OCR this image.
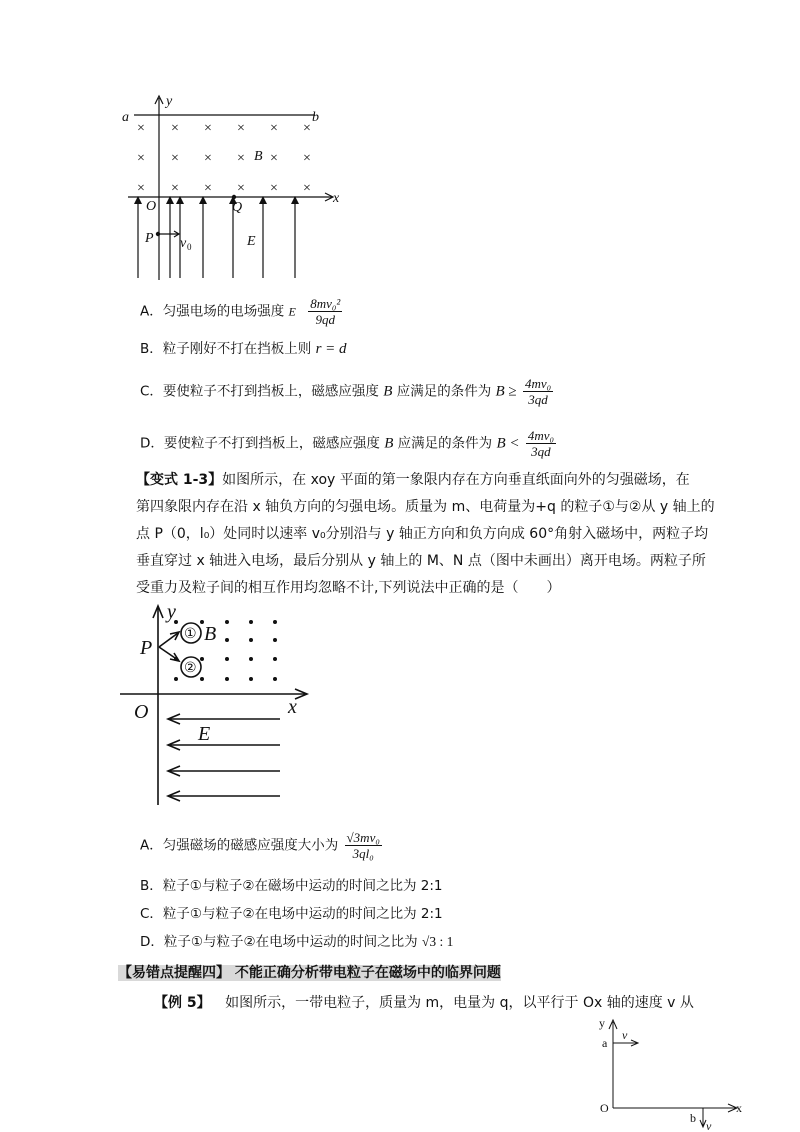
× × × × × ×
× × × × × ×
× × × × × ×
a	b
y
x
B
O	Q
P v 0	E
A．匀强电场的电场强度 E $\frac{\text{8mv₀²}}{9qd}$
B．粒子刚好不打在挡板上则 r = d
C．要使粒子不打到挡板上，磁感应强度 B 应满足的条件为 $B \ge \frac{\text{4mv₀}}{3qd}$
D．要使粒子不打到挡板上，磁感应强度 B 应满足的条件为 $B < \frac{\text{4mv₀}}{3qd}$

【变式 1-3】如图所示，在 xoy 平面的第一象限内存在方向垂直纸面向外的匀强磁场，在

第四象限内存在沿 x 轴负方向的匀强电场。质量为 m、电荷量为+q 的粒子①与②从 y 轴上的

点 P（0，l₀）处同时以速率 v₀分别沿与 y 轴正方向和负方向成 60°角射入磁场中，两粒子均

垂直穿过 x 轴进入电场，最后分别从 y 轴上的 M、N 点（图中未画出）离开电场。两粒子所

受重力及粒子间的相互作用均忽略不计,下列说法中正确的是（　　）

y
x
P
O
B
E
①
②
A．匀强磁场的磁感应强度大小为 $\frac{\text{√3mv₀}}{\text{3ql₀}}$
B．粒子①与粒子②在磁场中运动的时间之比为 2:1
C．粒子①与粒子②在电场中运动的时间之比为 2:1
D．粒子①与粒子②在电场中运动的时间之比为 √3 : 1
【易错点提醒四】 不能正确分析带电粒子在磁场中的临界问题
【例 5】 如图所示，一带电粒子，质量为 m，电量为 q，以平行于 Ox 轴的速度 v 从
y
a
v
O
b
x
v
